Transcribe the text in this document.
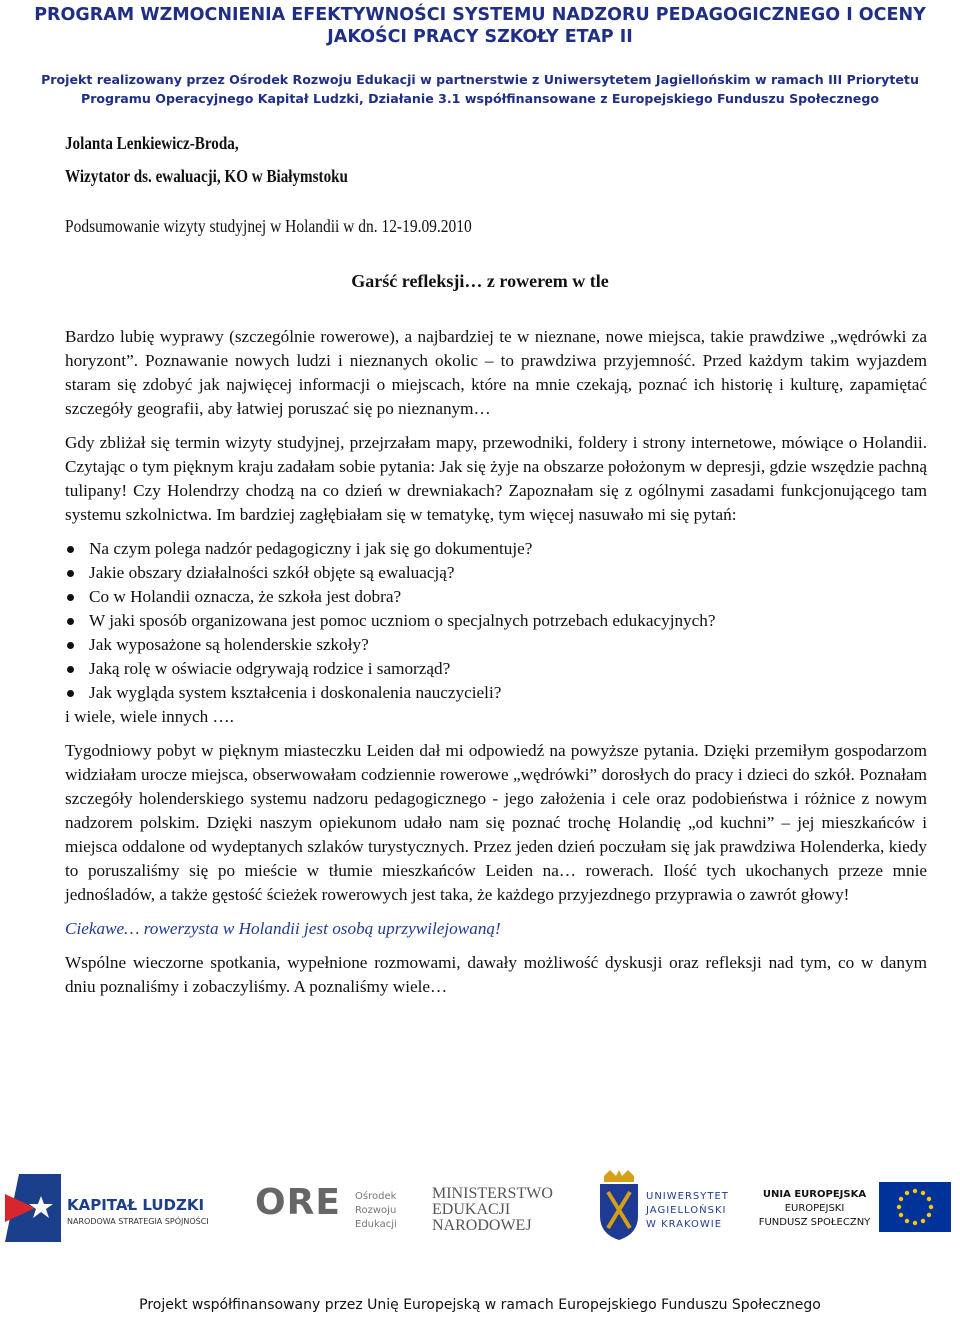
PROGRAM WZMOCNIENIA EFEKTYWNOŚCI SYSTEMU NADZORU PEDAGOGICZNEGO I OCENY
JAKOŚCI PRACY SZKOŁY ETAP II
Projekt realizowany przez Ośrodek Rozwoju Edukacji w partnerstwie z Uniwersytetem Jagiellońskim w ramach III Priorytetu
Programu Operacyjnego Kapitał Ludzki, Działanie 3.1 współfinansowane z Europejskiego Funduszu Społecznego
Jolanta Lenkiewicz-Broda,
Wizytator ds. ewaluacji, KO w Białymstoku

Podsumowanie wizyty studyjnej w Holandii w dn. 12-19.09.2010

Garść refleksji… z rowerem w tle

Bardzo lubię wyprawy (szczególnie rowerowe), a najbardziej te w nieznane, nowe miejsca, takie prawdziwe „wędrówki za horyzont”. Poznawanie nowych ludzi i nieznanych okolic – to prawdziwa przyjemność. Przed każdym takim wyjazdem staram się zdobyć jak najwięcej informacji o miejscach, które na mnie czekają, poznać ich historię i kulturę, zapamiętać szczegóły geografii, aby łatwiej poruszać się po nieznanym…

Gdy zbliżał się termin wizyty studyjnej, przejrzałam mapy, przewodniki, foldery i strony internetowe, mówiące o Holandii. Czytając o tym pięknym kraju zadałam sobie pytania: Jak się żyje na obszarze położonym w depresji, gdzie wszędzie pachną tulipany! Czy Holendrzy chodzą na co dzień w drewniakach? Zapoznałam się z ogólnymi zasadami funkcjonującego tam systemu szkolnictwa. Im bardziej zagłębiałam się w tematykę, tym więcej nasuwało mi się pytań:

Na czym polega nadzór pedagogiczny i jak się go dokumentuje?
Jakie obszary działalności szkół objęte są ewaluacją?
Co w Holandii oznacza, że szkoła jest dobra?
W jaki sposób organizowana jest pomoc uczniom o specjalnych potrzebach edukacyjnych?
Jak wyposażone są holenderskie szkoły?
Jaką rolę w oświacie odgrywają rodzice i samorząd?
Jak wygląda system kształcenia i doskonalenia nauczycieli?

i wiele, wiele innych ….

Tygodniowy pobyt w pięknym miasteczku Leiden dał mi odpowiedź na powyższe pytania. Dzięki przemiłym gospodarzom widziałam urocze miejsca, obserwowałam codziennie rowerowe „wędrówki” dorosłych do pracy i dzieci do szkół. Poznałam szczegóły holenderskiego systemu nadzoru pedagogicznego - jego założenia i cele oraz podobieństwa i różnice z nowym nadzorem polskim. Dzięki naszym opiekunom udało nam się poznać trochę Holandię „od kuchni” – jej mieszkańców i miejsca oddalone od wydeptanych szlaków turystycznych. Przez jeden dzień poczułam się jak prawdziwa Holenderka, kiedy to poruszaliśmy się po mieście w tłumie mieszkańców Leiden na… rowerach. Ilość tych ukochanych przeze mnie jednośladów, a także gęstość ścieżek rowerowych jest taka, że każdego przyjezdnego przyprawia o zawrót głowy!

Ciekawe… rowerzysta w Holandii jest osobą uprzywilejowaną!

Wspólne wieczorne spotkania, wypełnione rozmowami, dawały możliwość dyskusji oraz refleksji nad tym, co w danym dniu poznaliśmy i zobaczyliśmy. A poznaliśmy wiele…

KAPITAŁ LUDZKI
NARODOWA STRATEGIA SPÓJNOŚCI ORE Ośrodek
Rozwoju
Edukacji
MINISTERSTWO
EDUKACJI
NARODOWEJ
UNIWERSYTET
JAGIELLOŃSKI
W KRAKOWIE
UNIA EUROPEJSKA
EUROPEJSKI
FUNDUSZ SPOŁECZNY

Projekt współfinansowany przez Unię Europejską w ramach Europejskiego Funduszu Społecznego
